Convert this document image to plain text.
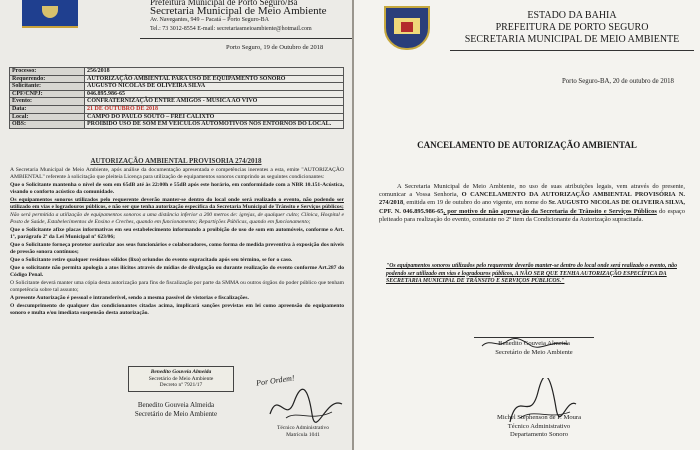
Prefeitura Municipal de Porto Seguro/Ba
Secretaria Municipal de Meio Ambiente
Av. Navegantes, 949 – Pacatá – Porto Seguro-BA
Tel.: 73 3012-8554 E-mail: secretariasmeioambiente@hotmail.com
Porto Seguro, 19 de Outubro de 2018
Processo:	256/2018
Requerendo:	AUTORIZAÇÃO AMBIENTAL PARA USO DE EQUIPAMENTO SONORO
Solicitante:	AUGUSTO NICOLAS DE OLIVEIRA SILVA
CPF/CNPJ:	046.895.986-65
Evento:	CONFRATERNIZAÇÃO ENTRE AMIGOS - MUSICA AO VIVO
Data:	21 DE OUTUBRO DE 2018
Local:	CAMPO DO PAULO SOUTO – FREI CALIXTO
OBS:	PROIBIDO USO DE SOM EM VEICULOS AUTOMOTIVOS NOS ENTORNOS DO LOCAL.
AUTORIZAÇÃO AMBIENTAL PROVISORIA 274/2018

A Secretaria Municipal de Meio Ambiente, após análise da documentação apresentada e competências inerentes a esta, emite "AUTORIZAÇÃO AMBIENTAL" referente à solicitação que pleiteia Licença para utilização de equipamentos sonoros cumprindo as seguintes condicionantes:

Que o Solicitante mantenha o nível de som em 65dB até às 22:00h e 55dB após este horário, em conformidade com a NBR 10.151-Acústica, visando o conforto acústico da comunidade.

Os equipamentos sonoros utilizados pelo requerente deverão manter-se dentro do local onde será realizado o evento, não podendo ser utilizado em vias e logradouros públicos, e não ser que tenha autorização específica da Secretaria Municipal de Trânsito e Serviços públicos;

Não será permitida a utilização de equipamentos sonoros a uma distância inferior a 200 metros de: igrejas, de qualquer culto; Clínica, Hospital e Posto de Saúde, Estabelecimentos de Ensino e Creches, quando em funcionamento; Repartições Públicas, quando em funcionamento;

Que o Solicitante afixe placas informativas em seu estabelecimento informando a proibição de uso de som em automóveis, conforme o Art. 1º, parágrafo 2º da Lei Municipal nº 623/06;

Que o Solicitante forneça protetor auricular aos seus funcionários e colaboradores, como forma de medida preventiva à exposição dos níveis de pressão sonora contínuos;

Que o Solicitante retire qualquer resíduos sólidos (lixo) oriundos do evento supracitado após seu término, se for o caso.

Que o solicitante não permita apologia a atos ilícitos através de mídias de divulgação ou durante realização do evento conforme Art.287 do Código Penal.

O Solicitante deverá manter uma cópia desta autorização para fins de fiscalização por parte da SMMA ou outros órgãos do poder público que tenham competência sobre tal assunto;

A presente Autorização é pessoal e intransferível, sendo a mesma passível de vistorias e fiscalizações.

O descumprimento de qualquer das condicionantes citadas acima, implicará sanções previstas em lei como apreensão do equipamento sonoro e multa e/ou imediata suspensão desta autorização.

Benedito Gouveia Almeida
Secretário de Meio Ambiente
Decreto nº 7921/17	Por Ordem!
Benedito Gouveia Almeida
Secretário de Meio Ambiente
Técnico Administrativo
Matrícula 1041
ESTADO DA BAHIA
PREFEITURA DE PORTO SEGURO
SECRETARIA MUNICIPAL DE MEIO AMBIENTE
Porto Seguro-BA, 20 de outubro de 2018
CANCELAMENTO DE AUTORIZAÇÃO AMBIENTAL

A Secretaria Municipal de Meio Ambiente, no uso de suas atribuições legais, vem através do presente, comunicar a Vossa Senhoria, O CANCELAMENTO DA AUTORIZAÇÃO AMBIENTAL PROVISÓRIA N. 274/2018, emitida em 19 de outubro do ano vigente, em nome do Sr. AUGUSTO NICOLAS DE OLIVEIRA SILVA, CPF. N. 046.895.986-65, por motivo de não aprovação da Secretaria de Trânsito e Serviços Públicos do espaço pleiteado para realização do evento, constante no 2º item da Condicionante da Autorização supracitada.

"Os equipamentos sonoros utilizados pelo requerente deverão manter-se dentro do local onde será realizado o evento, não podendo ser utilizado em vias e logradouros públicos, A NÃO SER QUE TENHA AUTORIZAÇÃO ESPECÍFICA DA SECRETARIA MUNICIPAL DE TRÂNSITO E SERVIÇOS PÚBLICOS."
Benedito Gouveia Almeida
Secretário de Meio Ambiente
Michel Stephenson de P. Moura
Técnico Administrativo
Departamento Sonoro
